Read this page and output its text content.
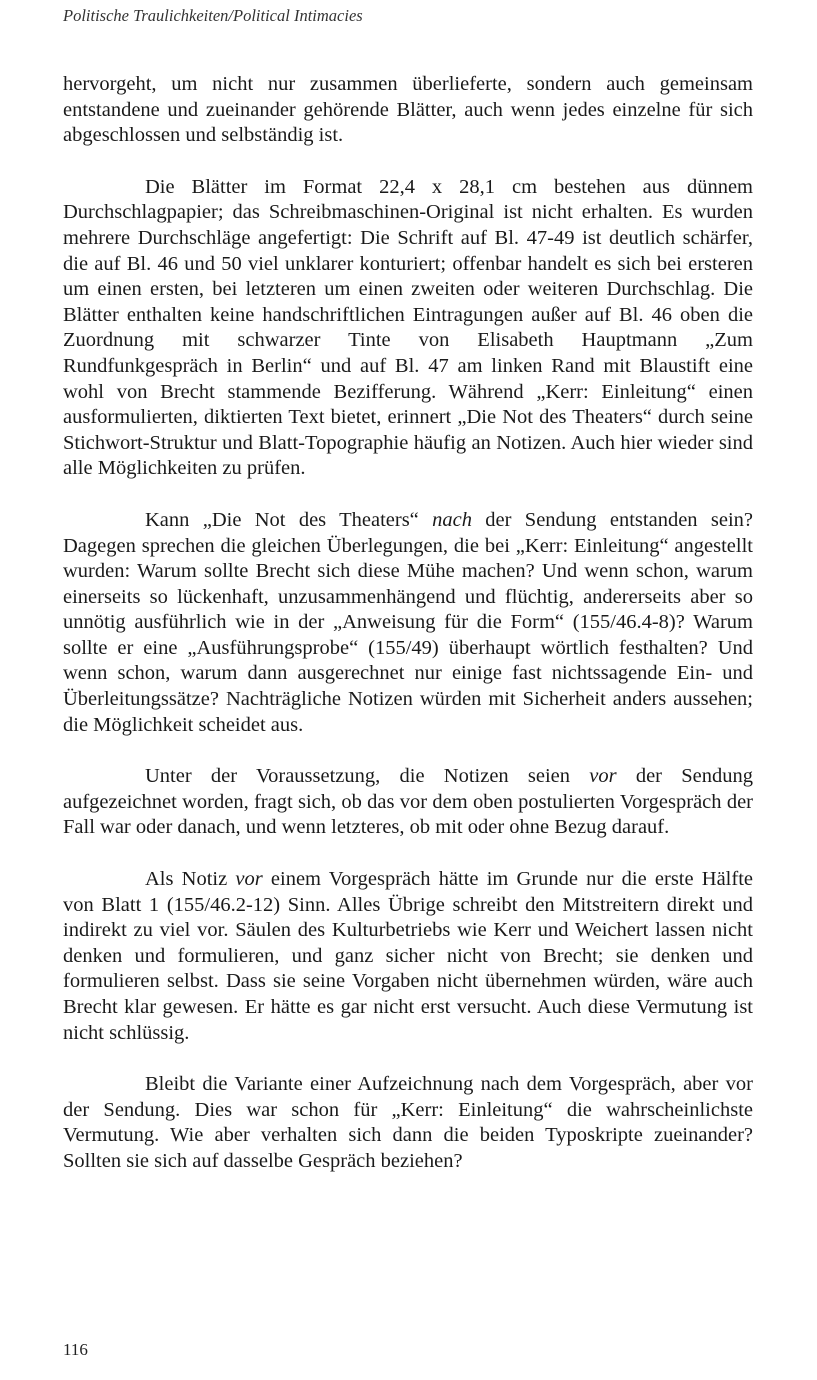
Politische Traulichkeiten/Political Intimacies

hervorgeht, um nicht nur zusammen überlieferte, sondern auch gemeinsam entstandene und zueinander gehörende Blätter, auch wenn jedes einzelne für sich abgeschlossen und selbständig ist.

Die Blätter im Format 22,4 x 28,1 cm bestehen aus dünnem Durchschlagpapier; das Schreibmaschinen-Original ist nicht erhalten. Es wurden mehrere Durchschläge angefertigt: Die Schrift auf Bl. 47-49 ist deutlich schärfer, die auf Bl. 46 und 50 viel unklarer konturiert; offenbar handelt es sich bei ersteren um einen ersten, bei letzteren um einen zweiten oder weiteren Durchschlag. Die Blätter enthalten keine handschriftlichen Eintragungen außer auf Bl. 46 oben die Zuordnung mit schwarzer Tinte von Elisabeth Hauptmann „Zum Rundfunkgespräch in Berlin“ und auf Bl. 47 am linken Rand mit Blaustift eine wohl von Brecht stammende Bezifferung. Während „Kerr: Einleitung“ einen ausformulierten, diktierten Text bietet, erinnert „Die Not des Theaters“ durch seine Stichwort-Struktur und Blatt-Topographie häufig an Notizen. Auch hier wieder sind alle Möglichkeiten zu prüfen.

Kann „Die Not des Theaters“ nach der Sendung entstanden sein? Dagegen sprechen die gleichen Überlegungen, die bei „Kerr: Einleitung“ angestellt wurden: Warum sollte Brecht sich diese Mühe machen? Und wenn schon, warum einerseits so lückenhaft, unzusammenhängend und flüchtig, andererseits aber so unnötig ausführlich wie in der „Anweisung für die Form“ (155/46.4-8)? Warum sollte er eine „Ausführungsprobe“ (155/49) überhaupt wörtlich festhalten? Und wenn schon, warum dann ausgerechnet nur einige fast nichtssagende Ein- und Überleitungssätze? Nachträgliche Notizen würden mit Sicherheit anders aussehen; die Möglichkeit scheidet aus.

Unter der Voraussetzung, die Notizen seien vor der Sendung aufgezeichnet worden, fragt sich, ob das vor dem oben postulierten Vorgespräch der Fall war oder danach, und wenn letzteres, ob mit oder ohne Bezug darauf.

Als Notiz vor einem Vorgespräch hätte im Grunde nur die erste Hälfte von Blatt 1 (155/46.2-12) Sinn. Alles Übrige schreibt den Mitstreitern direkt und indirekt zu viel vor. Säulen des Kulturbetriebs wie Kerr und Weichert lassen nicht denken und formulieren, und ganz sicher nicht von Brecht; sie denken und formulieren selbst. Dass sie seine Vorgaben nicht übernehmen würden, wäre auch Brecht klar gewesen. Er hätte es gar nicht erst versucht. Auch diese Vermutung ist nicht schlüssig.

Bleibt die Variante einer Aufzeichnung nach dem Vorgespräch, aber vor der Sendung. Dies war schon für „Kerr: Einleitung“ die wahrscheinlichste Vermutung. Wie aber verhalten sich dann die beiden Typoskripte zueinander? Sollten sie sich auf dasselbe Gespräch beziehen?

116
